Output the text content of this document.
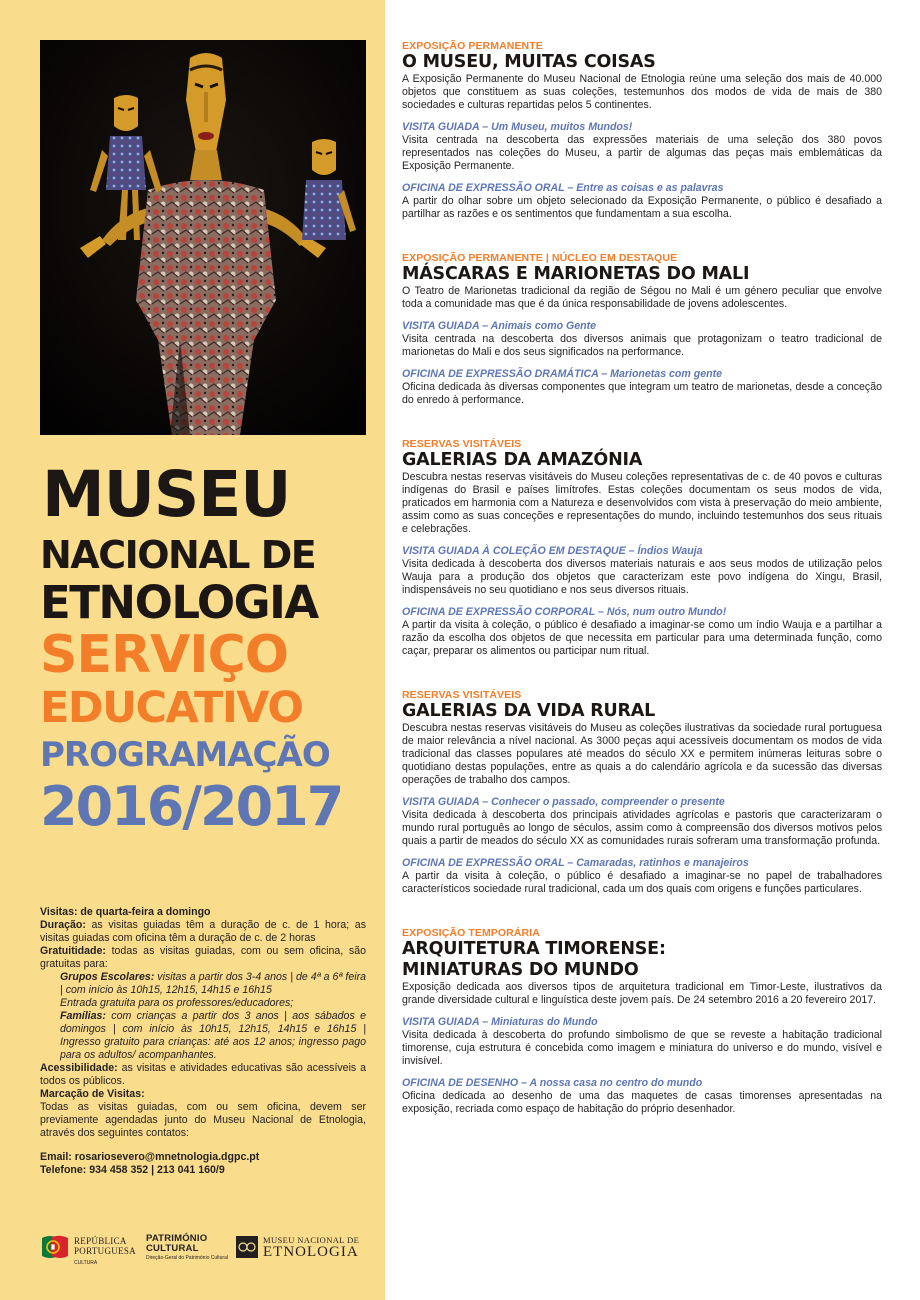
MUSEU
NACIONAL DE
ETNOLOGIA
SERVIÇO
EDUCATIVO
PROGRAMAÇÃO
2016/2017
Visitas: de quarta-feira a domingo
Duração: as visitas guiadas têm a duração de c. de 1 hora; as visitas guiadas com oficina têm a duração de c. de 2 horas
Gratuitidade: todas as visitas guiadas, com ou sem oficina, são gratuitas para:
Grupos Escolares: visitas a partir dos 3-4 anos | de 4ª a 6ª feira | com início às 10h15, 12h15, 14h15 e 16h15
Entrada gratuita para os professores/educadores;
Famílias: com crianças a partir dos 3 anos | aos sábados e domingos | com início às 10h15, 12h15, 14h15 e 16h15 | Ingresso gratuito para crianças: até aos 12 anos; ingresso pago para os adultos/ acompanhantes.
Acessibilidade: as visitas e atividades educativas são acessíveis a todos os públicos.
Marcação de Visitas:
Todas as visitas guiadas, com ou sem oficina, devem ser previamente agendadas junto do Museu Nacional de Etnologia, através dos seguintes contatos:
Email: rosariosevero@mnetnologia.dgpc.pt
Telefone: 934 458 352 | 213 041 160/9
REPÚBLICA
PORTUGUESA
CULTURA
PATRIMÓNIO
CULTURAL
Direção-Geral do Património Cultural
MUSEU NACIONAL DE
ETNOLOGIA
EXPOSIÇÃO PERMANENTE
O MUSEU, MUITAS COISAS
A Exposição Permanente do Museu Nacional de Etnologia reúne uma seleção dos mais de 40.000 objetos que constituem as suas coleções, testemunhos dos modos de vida de mais de 380 sociedades e culturas repartidas pelos 5 continentes.
VISITA GUIADA – Um Museu, muitos Mundos!
Visita centrada na descoberta das expressões materiais de uma seleção dos 380 povos representados nas coleções do Museu, a partir de algumas das peças mais emblemáticas da Exposição Permanente.
OFICINA DE EXPRESSÃO ORAL – Entre as coisas e as palavras
A partir do olhar sobre um objeto selecionado da Exposição Permanente, o público é desafiado a partilhar as razões e os sentimentos que fundamentam a sua escolha.
EXPOSIÇÃO PERMANENTE | NÚCLEO EM DESTAQUE
MÁSCARAS E MARIONETAS DO MALI
O Teatro de Marionetas tradicional da região de Ségou no Mali é um género peculiar que envolve toda a comunidade mas que é da única responsabilidade de jovens adolescentes.
VISITA GUIADA – Animais como Gente
Visita centrada na descoberta dos diversos animais que protagonizam o teatro tradicional de marionetas do Mali e dos seus significados na performance.
OFICINA DE EXPRESSÃO DRAMÁTICA – Marionetas com gente
Oficina dedicada às diversas componentes que integram um teatro de marionetas, desde a conceção do enredo à performance.
RESERVAS VISITÁVEIS
GALERIAS DA AMAZÓNIA
Descubra nestas reservas visitáveis do Museu coleções representativas de c. de 40 povos e culturas indígenas do Brasil e países limítrofes. Estas coleções documentam os seus modos de vida, praticados em harmonia com a Natureza e desenvolvidos com vista à preservação do meio ambiente, assim como as suas conceções e representações do mundo, incluindo testemunhos dos seus rituais e celebrações.
VISITA GUIADA À COLEÇÃO EM DESTAQUE – Índios Wauja
Visita dedicada à descoberta dos diversos materiais naturais e aos seus modos de utilização pelos Wauja para a produção dos objetos que caracterizam este povo indígena do Xingu, Brasil, indispensáveis no seu quotidiano e nos seus diversos rituais.
OFICINA DE EXPRESSÃO CORPORAL – Nós, num outro Mundo!
A partir da visita à coleção, o público é desafiado a imaginar-se como um índio Wauja e a partilhar a razão da escolha dos objetos de que necessita em particular para uma determinada função, como caçar, preparar os alimentos ou participar num ritual.
RESERVAS VISITÁVEIS
GALERIAS DA VIDA RURAL
Descubra nestas reservas visitáveis do Museu as coleções ilustrativas da sociedade rural portuguesa de maior relevância a nível nacional. As 3000 peças aqui acessíveis documentam os modos de vida tradicional das classes populares até meados do século XX e permitem inúmeras leituras sobre o quotidiano destas populações, entre as quais a do calendário agrícola e da sucessão das diversas operações de trabalho dos campos.
VISITA GUIADA – Conhecer o passado, compreender o presente
Visita dedicada à descoberta dos principais atividades agrícolas e pastoris que caracterizaram o mundo rural português ao longo de séculos, assim como à compreensão dos diversos motivos pelos quais a partir de meados do século XX as comunidades rurais sofreram uma transformação profunda.
OFICINA DE EXPRESSÃO ORAL – Camaradas, ratinhos e manajeiros
A partir da visita à coleção, o público é desafiado a imaginar-se no papel de trabalhadores característicos sociedade rural tradicional, cada um dos quais com origens e funções particulares.
EXPOSIÇÃO TEMPORÁRIA
ARQUITETURA TIMORENSE:
MINIATURAS DO MUNDO
Exposição dedicada aos diversos tipos de arquitetura tradicional em Timor-Leste, ilustrativos da grande diversidade cultural e linguística deste jovem país. De 24 setembro 2016 a 20 fevereiro 2017.
VISITA GUIADA – Miniaturas do Mundo
Visita dedicada à descoberta do profundo simbolismo de que se reveste a habitação tradicional timorense, cuja estrutura é concebida como imagem e miniatura do universo e do mundo, visível e invisível.
OFICINA DE DESENHO – A nossa casa no centro do mundo
Oficina dedicada ao desenho de uma das maquetes de casas timorenses apresentadas na exposição, recriada como espaço de habitação do próprio desenhador.
